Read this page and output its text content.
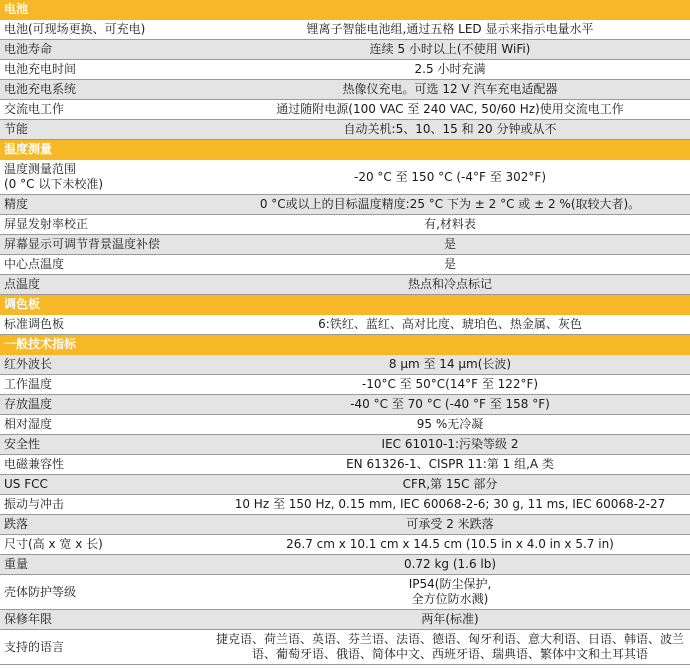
电池	
电池(可现场更换、可充电)	锂离子智能电池组,通过五格 LED 显示来指示电量水平
电池寿命	连续 5 小时以上(不使用 WiFi)
电池充电时间	2.5 小时充满
电池充电系统	热像仪充电。可选 12 V 汽车充电适配器
交流电工作	通过随附电源(100 VAC 至 240 VAC, 50/60 Hz)使用交流电工作
节能	自动关机:5、10、15 和 20 分钟或从不
温度测量	
温度测量范围
(0 °C 以下未校准)	-20 °C 至 150 °C (-4°F 至 302°F)
精度	0 °C或以上的目标温度精度:25 °C 下为 ± 2 °C 或 ± 2 %(取较大者)。
屏显发射率校正	有,材料表
屏幕显示可调节背景温度补偿	是
中心点温度	是
点温度	热点和冷点标记
调色板	
标准调色板	6:铁红、蓝红、高对比度、琥珀色、热金属、灰色
一般技术指标	
红外波长	8 μm 至 14 μm(长波)
工作温度	-10°C 至 50°C(14°F 至 122°F)
存放温度	-40 °C 至 70 °C (-40 °F 至 158 °F)
相对湿度	95 %无冷凝
安全性	IEC 61010-1:污染等级 2
电磁兼容性	EN 61326-1、CISPR 11:第 1 组,A 类
US FCC	CFR,第 15C 部分
振动与冲击	10 Hz 至 150 Hz, 0.15 mm, IEC 60068-2-6; 30 g, 11 ms, IEC 60068-2-27
跌落	可承受 2 米跌落
尺寸(高 x 宽 x 长)	26.7 cm x 10.1 cm x 14.5 cm (10.5 in x 4.0 in x 5.7 in)
重量	0.72 kg (1.6 lb)
壳体防护等级	IP54(防尘保护,
全方位防水溅)
保修年限	两年(标准)
支持的语言	捷克语、荷兰语、英语、芬兰语、法语、德语、匈牙利语、意大利语、日语、韩语、波兰
语、葡萄牙语、俄语、简体中文、西班牙语、瑞典语、繁体中文和土耳其语
